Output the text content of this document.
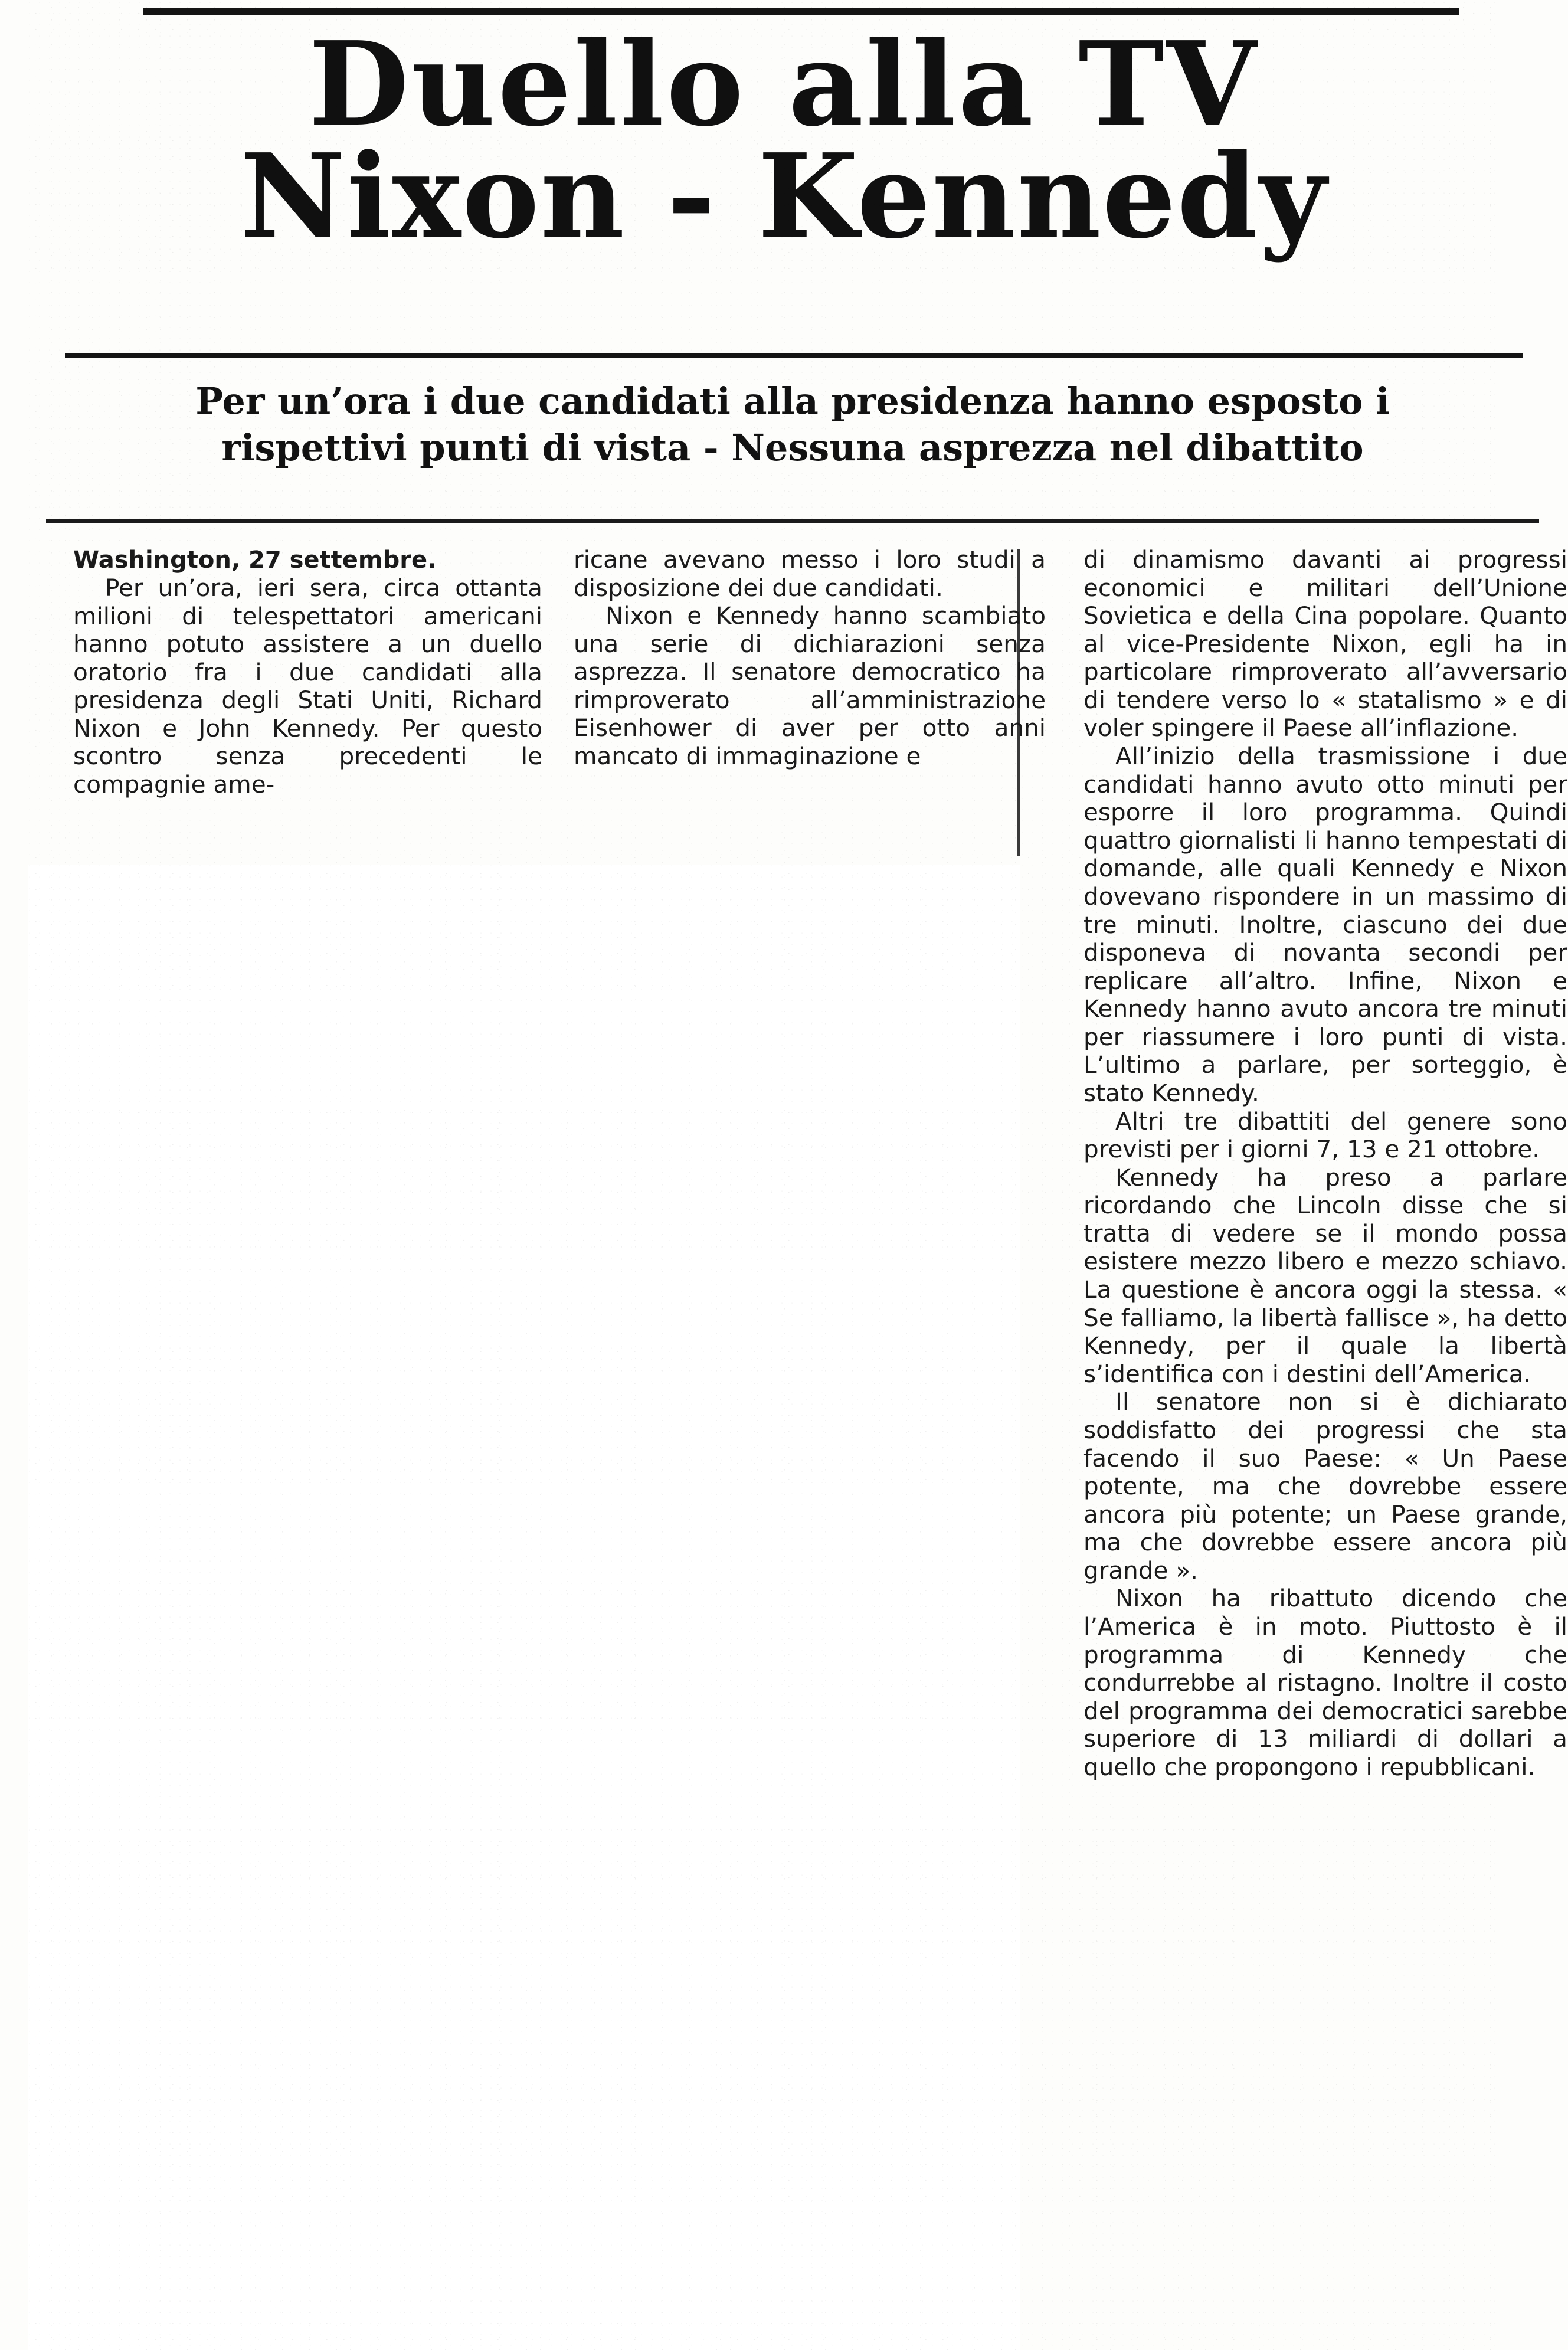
Duello alla TV
Nixon - Kennedy
Per un’ora i due candidati alla presidenza hanno esposto i
rispettivi punti di vista - Nessuna asprezza nel dibattito

Washington, 27 settembre.

Per un’ora, ieri sera, circa ottanta milioni di telespettatori americani hanno potuto assistere a un duello oratorio fra i due candidati alla presidenza degli Stati Uniti, Richard Nixon e John Kennedy. Per questo scontro senza precedenti le compagnie ame-

ricane avevano messo i loro studi a disposizione dei due candidati.

Nixon e Kennedy hanno scambiato una serie di dichiarazioni senza asprezza. Il senatore democratico ha rimproverato all’amministrazione Eisenhower di aver per otto anni mancato di immaginazione e

di dinamismo davanti ai progressi economici e militari dell’Unione Sovietica e della Cina popolare. Quanto al vice-Presidente Nixon, egli ha in particolare rimproverato all’avversario di tendere verso lo « statalismo » e di voler spingere il Paese all’inflazione.

All’inizio della trasmissione i due candidati hanno avuto otto minuti per esporre il loro programma. Quindi quattro giornalisti li hanno tempestati di domande, alle quali Kennedy e Nixon dovevano rispondere in un massimo di tre minuti. Inoltre, ciascuno dei due disponeva di novanta secondi per replicare all’altro. Infine, Nixon e Kennedy hanno avuto ancora tre minuti per riassumere i loro punti di vista. L’ultimo a parlare, per sorteggio, è stato Kennedy.

Altri tre dibattiti del genere sono previsti per i giorni 7, 13 e 21 ottobre.

Kennedy ha preso a parlare ricordando che Lincoln disse che si tratta di vedere se il mondo possa esistere mezzo libero e mezzo schiavo. La questione è ancora oggi la stessa. « Se falliamo, la libertà fallisce », ha detto Kennedy, per il quale la libertà s’identifica con i destini dell’America.

Il senatore non si è dichiarato soddisfatto dei progressi che sta facendo il suo Paese: « Un Paese potente, ma che dovrebbe essere ancora più potente; un Paese grande, ma che dovrebbe essere ancora più grande ».

Nixon ha ribattuto dicendo che l’America è in moto. Piuttosto è il programma di Kennedy che condurrebbe al ristagno. Inoltre il costo del programma dei democratici sarebbe superiore di 13 miliardi di dollari a quello che propongono i repubblicani.
